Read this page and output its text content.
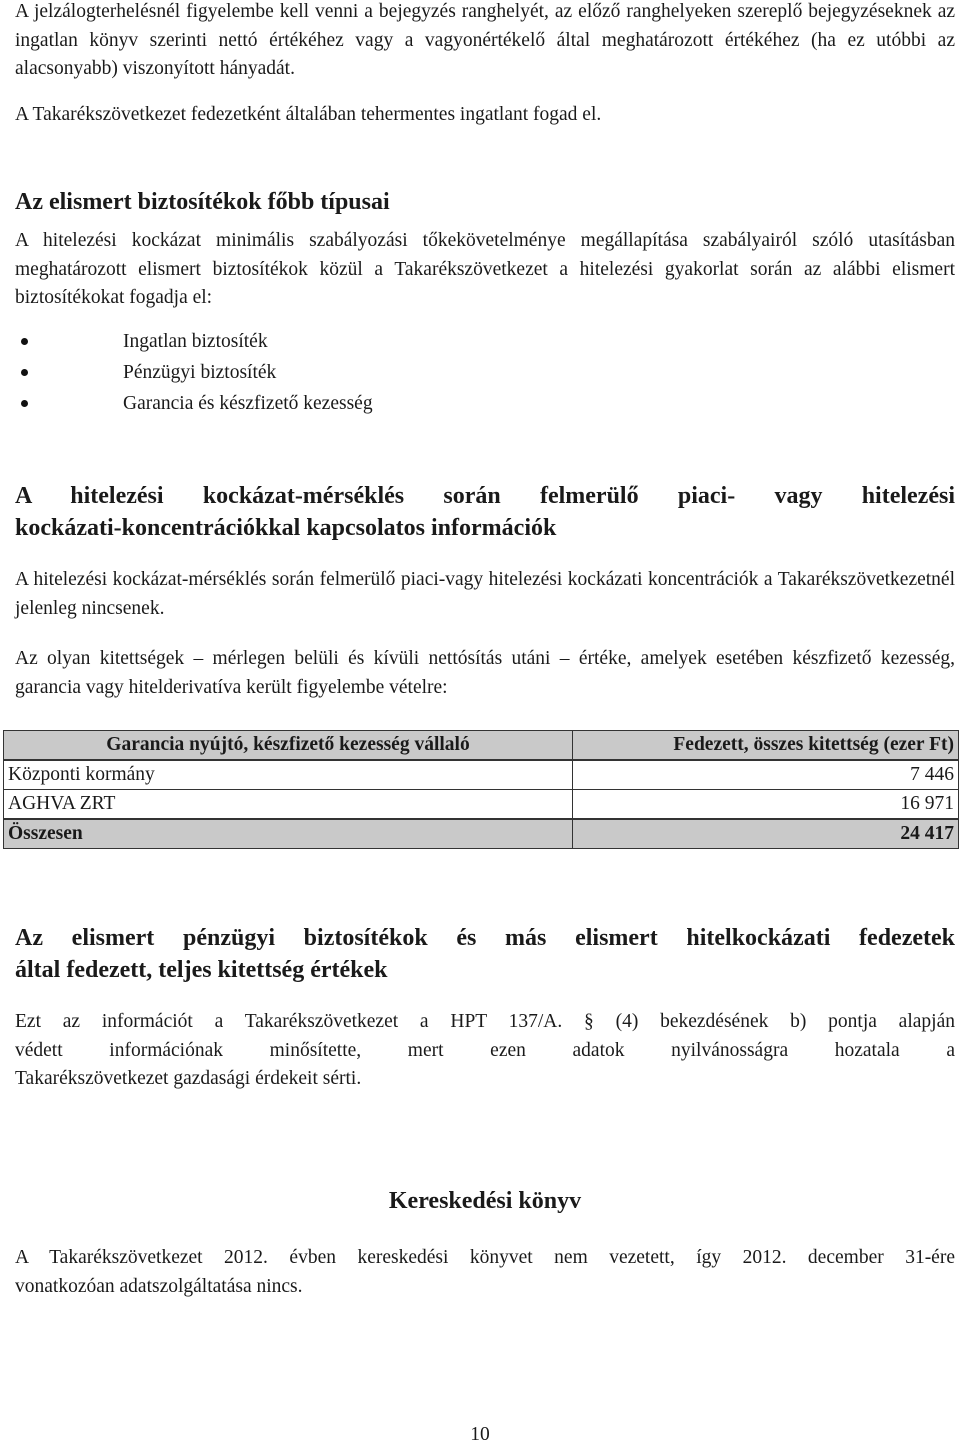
A jelzálogterhelésnél figyelembe kell venni a bejegyzés ranghelyét, az előző ranghelyeken szereplő bejegyzéseknek az ingatlan könyv szerinti nettó értékéhez vagy a vagyonértékelő által meghatározott értékéhez (ha ez utóbbi az alacsonyabb) viszonyított hányadát.

A Takarékszövetkezet fedezetként általában tehermentes ingatlant fogad el.

Az elismert biztosítékok főbb típusai

A hitelezési kockázat minimális szabályozási tőkekövetelménye megállapítása szabályairól szóló utasításban meghatározott elismert biztosítékok közül a Takarékszövetkezet a hitelezési gyakorlat során az alábbi elismert biztosítékokat fogadja el:

Ingatlan biztosíték
Pénzügyi biztosíték
Garancia és készfizető kezesség
A hitelezési kockázat-mérséklés során felmerülő piaci- vagy hitelezési
kockázati-koncentrációkkal kapcsolatos információk

A hitelezési kockázat-mérséklés során felmerülő piaci-vagy hitelezési kockázati koncentrációk a Takarékszövetkezetnél jelenleg nincsenek.

Az olyan kitettségek – mérlegen belüli és kívüli nettósítás utáni – értéke, amelyek esetében készfizető kezesség, garancia vagy hitelderivatíva került figyelembe vételre:

Garancia nyújtó, készfizető kezesség vállaló	Fedezett, összes kitettség (ezer Ft)
Központi kormány	7 446
AGHVA ZRT	16 971
Összesen	24 417
Az elismert pénzügyi biztosítékok és más elismert hitelkockázati fedezetek
által fedezett, teljes kitettség értékek

Ezt az információt a Takarékszövetkezet a HPT 137/A. § (4) bekezdésének b) pontja alapján
védett információnak minősítette, mert ezen adatok nyilvánosságra hozatala a
Takarékszövetkezet gazdasági érdekeit sérti.

Kereskedési könyv

A Takarékszövetkezet 2012. évben kereskedési könyvet nem vezetett, így 2012. december 31-ére
vonatkozóan adatszolgáltatása nincs.

10
